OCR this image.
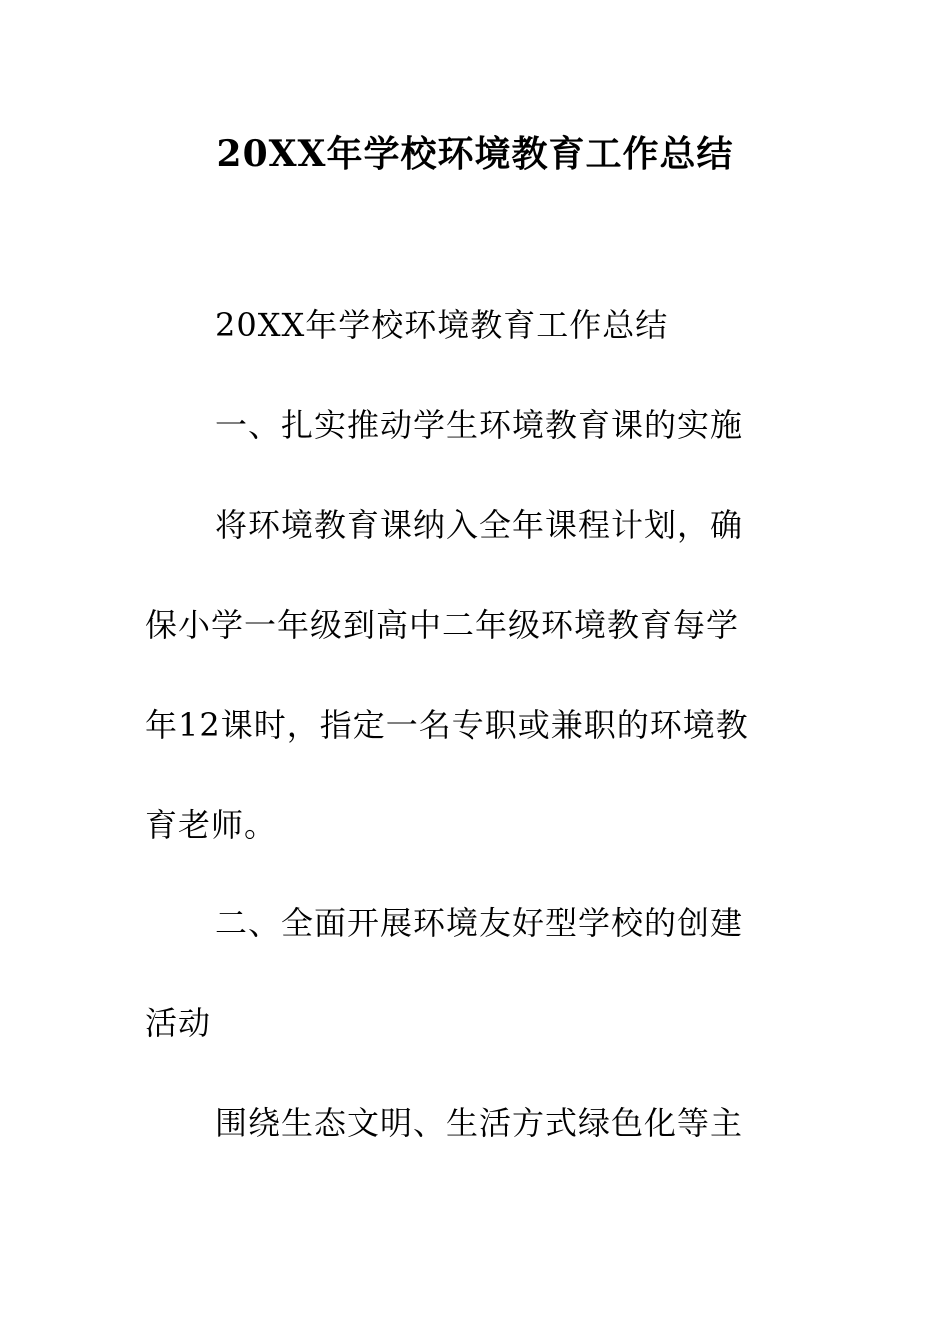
20XX年学校环境教育工作总结
20XX年学校环境教育工作总结
一、扎实推动学生环境教育课的实施
将环境教育课纳入全年课程计划，确
保小学一年级到高中二年级环境教育每学
年12课时，指定一名专职或兼职的环境教
育老师。
二、全面开展环境友好型学校的创建
活动
围绕生态文明、生活方式绿色化等主
